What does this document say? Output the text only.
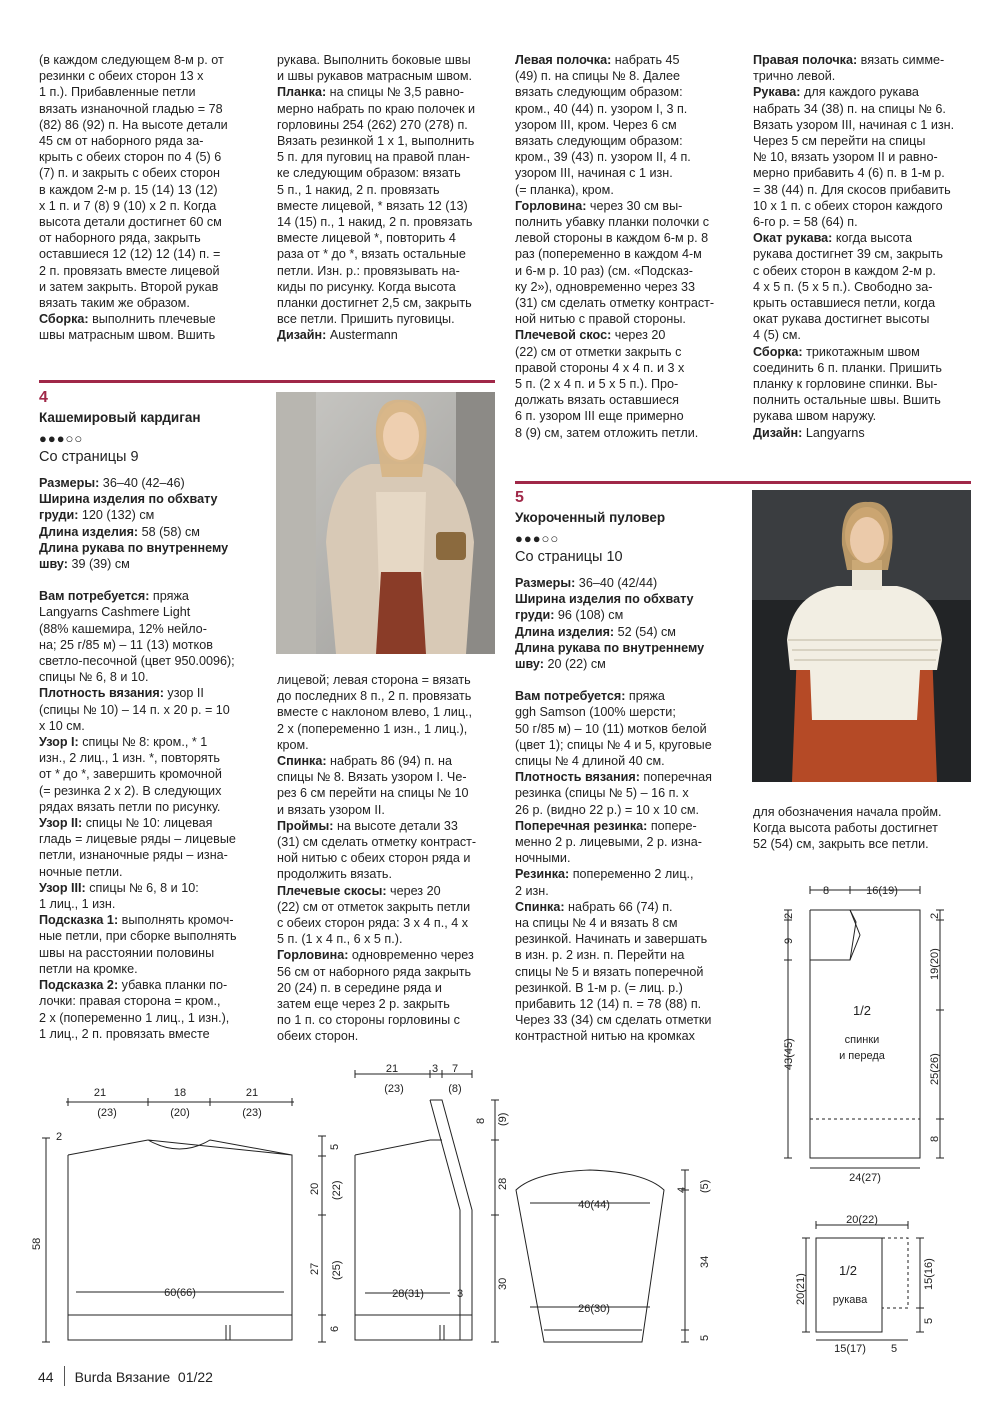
(в каждом следующем 8-м р. от

резинки с обеих сторон 13 x

1 п.). Прибавленные петли

вязать изнаночной гладью = 78

(82) 86 (92) п. На высоте детали

45 см от наборного ряда за-

крыть с обеих сторон по 4 (5) 6

(7) п. и закрыть с обеих сторон

в каждом 2-м р. 15 (14) 13 (12)

x 1 п. и 7 (8) 9 (10) x 2 п. Когда

высота детали достигнет 60 см

от наборного ряда, закрыть

оставшиеся 12 (12) 12 (14) п. =

2 п. провязать вместе лицевой

и затем закрыть. Второй рукав

вязать таким же образом.

Сборка: выполнить плечевые

швы матрасным швом. Вшить

рукава. Выполнить боковые швы

и швы рукавов матрасным швом.

Планка: на спицы № 3,5 равно-

мерно набрать по краю полочек и

горловины 254 (262) 270 (278) п.

Вязать резинкой 1 x 1, выполнить

5 п. для пуговиц на правой план-

ке следующим образом: вязать

5 п., 1 накид, 2 п. провязать

вместе лицевой, * вязать 12 (13)

14 (15) п., 1 накид, 2 п. провязать

вместе лицевой *, повторить 4

раза от * до *, вязать остальные

петли. Изн. р.: провязывать на-

киды по рисунку. Когда высота

планки достигнет 2,5 см, закрыть

все петли. Пришить пуговицы.

Дизайн: Austermann

Левая полочка: набрать 45

(49) п. на спицы № 8. Далее

вязать следующим образом:

кром., 40 (44) п. узором I, 3 п.

узором III, кром. Через 6 см

вязать следующим образом:

кром., 39 (43) п. узором II, 4 п.

узором III, начиная с 1 изн.

(= планка), кром.

Горловина: через 30 см вы-

полнить убавку планки полочки с

левой стороны в каждом 6-м р. 8

раз (попеременно в каждом 4-м

и 6-м р. 10 раз) (см. «Подсказ-

ку 2»), одновременно через 33

(31) см сделать отметку контраст-

ной нитью с правой стороны.

Плечевой скос: через 20

(22) см от отметки закрыть с

правой стороны 4 x 4 п. и 3 x

5 п. (2 x 4 п. и 5 x 5 п.). Про-

должать вязать оставшиеся

6 п. узором III еще примерно

8 (9) см, затем отложить петли.

Правая полочка: вязать симме-

трично левой.

Рукава: для каждого рукава

набрать 34 (38) п. на спицы № 6.

Вязать узором III, начиная с 1 изн.

Через 5 см перейти на спицы

№ 10, вязать узором II и равно-

мерно прибавить 4 (6) п. в 1-м р.

= 38 (44) п. Для скосов прибавить

10 x 1 п. с обеих сторон каждого

6-го р. = 58 (64) п.

Окат рукава: когда высота

рукава достигнет 39 см, закрыть

с обеих сторон в каждом 2-м р.

4 x 5 п. (5 x 5 п.). Свободно за-

крыть оставшиеся петли, когда

окат рукава достигнет высоты

4 (5) см.

Сборка: трикотажным швом

соединить 6 п. планки. Пришить

планку к горловине спинки. Вы-

полнить остальные швы. Вшить

рукава швом наружу.

Дизайн: Langyarns

4
Кашемировый кардиган
●●●○○
Со страницы 9

Размеры: 36–40 (42–46)

Ширина изделия по обхвату

груди: 120 (132) см

Длина изделия: 58 (58) см

Длина рукава по внутреннему

шву: 39 (39) см

Вам потребуется: пряжа

Langyarns Cashmere Light

(88% кашемира, 12% нейло-

на; 25 г/85 м) – 11 (13) мотков

светло-песочной (цвет 950.0096);

спицы № 6, 8 и 10.

Плотность вязания: узор II

(спицы № 10) – 14 п. x 20 р. = 10

x 10 см.

Узор I: спицы № 8: кром., * 1

изн., 2 лиц., 1 изн. *, повторять

от * до *, завершить кромочной

(= резинка 2 x 2). В следующих

рядах вязать петли по рисунку.

Узор II: спицы № 10: лицевая

гладь = лицевые ряды – лицевые

петли, изнаночные ряды – изна-

ночные петли.

Узор III: спицы № 6, 8 и 10:

1 лиц., 1 изн.

Подсказка 1: выполнять кромоч-

ные петли, при сборке выполнять

швы на расстоянии половины

петли на кромке.

Подсказка 2: убавка планки по-

лочки: правая сторона = кром.,

2 x (попеременно 1 лиц., 1 изн.),

1 лиц., 2 п. провязать вместе

лицевой; левая сторона = вязать

до последних 8 п., 2 п. провязать

вместе с наклоном влево, 1 лиц.,

2 x (попеременно 1 изн., 1 лиц.),

кром.

Спинка: набрать 86 (94) п. на

спицы № 8. Вязать узором I. Че-

рез 6 см перейти на спицы № 10

и вязать узором II.

Проймы: на высоте детали 33

(31) см сделать отметку контраст-

ной нитью с обеих сторон ряда и

продолжить вязать.

Плечевые скосы: через 20

(22) см от отметок закрыть петли

с обеих сторон ряда: 3 x 4 п., 4 x

5 п. (1 x 4 п., 6 x 5 п.).

Горловина: одновременно через

56 см от наборного ряда закрыть

20 (24) п. в середине ряда и

затем еще через 2 р. закрыть

по 1 п. со стороны горловины с

обеих сторон.

5
Укороченный пуловер
●●●○○
Со страницы 10

Размеры: 36–40 (42/44)

Ширина изделия по обхвату

груди: 96 (108) см

Длина изделия: 52 (54) см

Длина рукава по внутреннему

шву: 20 (22) см

Вам потребуется: пряжа

ggh Samson (100% шерсти;

50 г/85 м) – 10 (11) мотков белой

(цвет 1); спицы № 4 и 5, круговые

спицы № 4 длиной 40 см.

Плотность вязания: поперечная

резинка (спицы № 5) – 16 п. x

26 р. (видно 22 р.) = 10 x 10 см.

Поперечная резинка: попере-

менно 2 р. лицевыми, 2 р. изна-

ночными.

Резинка: попеременно 2 лиц.,

2 изн.

Спинка: набрать 66 (74) п.

на спицы № 4 и вязать 8 см

резинкой. Начинать и завершать

в изн. р. 2 изн. п. Перейти на

спицы № 5 и вязать поперечной

резинкой. В 1-м р. (= лиц. р.)

прибавить 12 (14) п. = 78 (88) п.

Через 33 (34) см сделать отметки

контрастной нитью на кромках

для обозначения начала пройм.

Когда высота работы достигнет

52 (54) см, закрыть все петли.

21
(23)
18
(20)
21
(23)
2
58
60(66)
21
(23)
3 7
(8)
5
20 (22)
27 (25)
6
8 (9)
28
30
28(31)	3
40(44)
4 (5)
34
5
26(30)
8	16(19)
2
9
43(45)
2
19(20)
25(26)
8
1/2
спинки
и переда
24(27)
20(22)
20(21)	15(16)
5
1/2
рукава
15(17) 5
44 Burda Вязание 01/22
